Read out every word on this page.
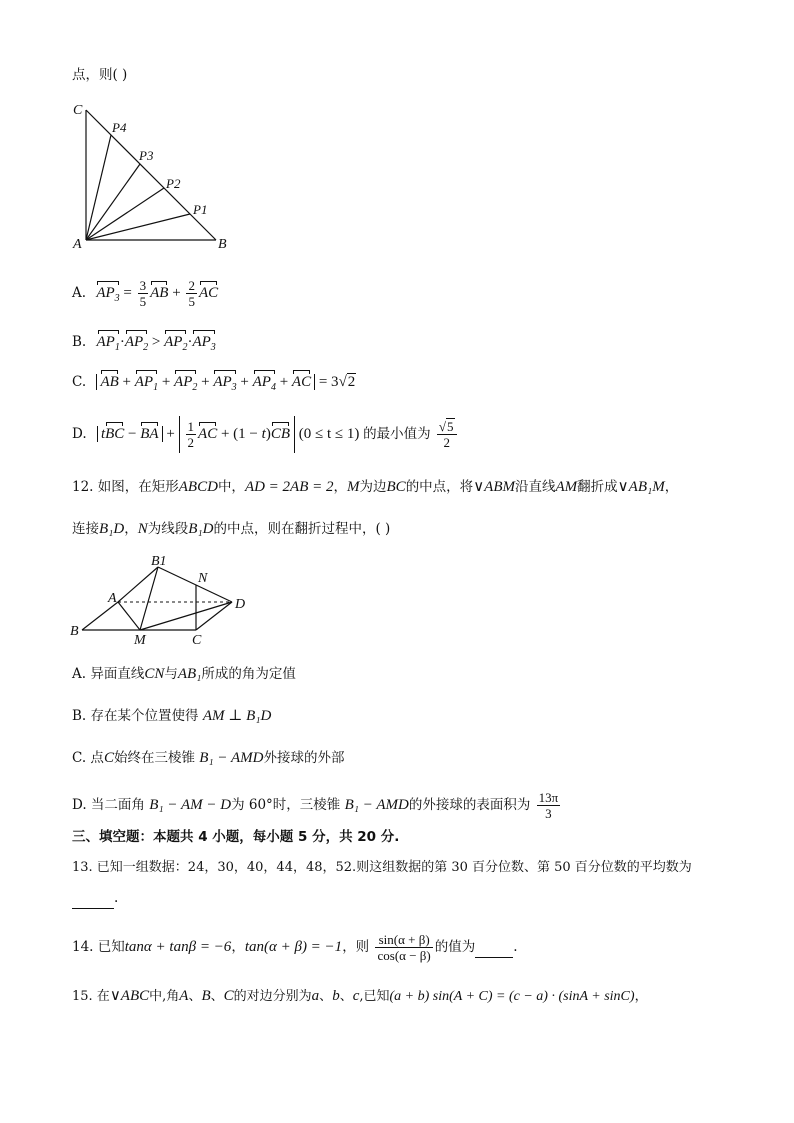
点，则( )
C
P4
P3
P2
P1
A	B
A. $AP_3 = \frac{3}{5}$ AB + $\frac{2}{5}$ AC
B. $AP_1\cdot AP_2 > AP_2\cdot AP_3$
C. AB + $AP_1 + AP_2 + AP_3 + AP_4$ + AC = 3√2
D. tBC − BA + $\frac{1}{2}$ AC + (1 − t)CB (0 ≤ t ≤ 1) 的最小值为 $\frac{√5}{2}$
12. 如图，在矩形ABCD中，AD = 2AB = 2，M为边BC的中点，将∨ABM沿直线AM翻折成∨AB₁M，
连接B₁D，N为线段B₁D的中点，则在翻折过程中，( )
B1
N
A	D
B
M	C
A. 异面直线CN与AB₁所成的角为定值
B. 存在某个位置使得 AM ⊥ B₁D
C. 点C始终在三棱锥 B₁ − AMD外接球的外部
D. 当二面角 B₁ − AM − D为 60°时，三棱锥 B₁ − AMD的外接球的表面积为 $\frac{13\pi}{3}$
三、填空题：本题共 4 小题，每小题 5 分，共 20 分.
13. 已知一组数据：24，30，40，44，48，52.则这组数据的第 30 百分位数、第 50 百分位数的平均数为
.
14. 已知tanα + tanβ = −6，tan(α + β) = −1，则 $\frac{\sin(\alpha + \beta)}{\cos(\alpha - \beta)}$ 的值为	.
15. 在∨ABC中,角A、B、C的对边分别为a、b、c,已知(a + b) sin(A + C) = (c − a) · (sinA + sinC)，
